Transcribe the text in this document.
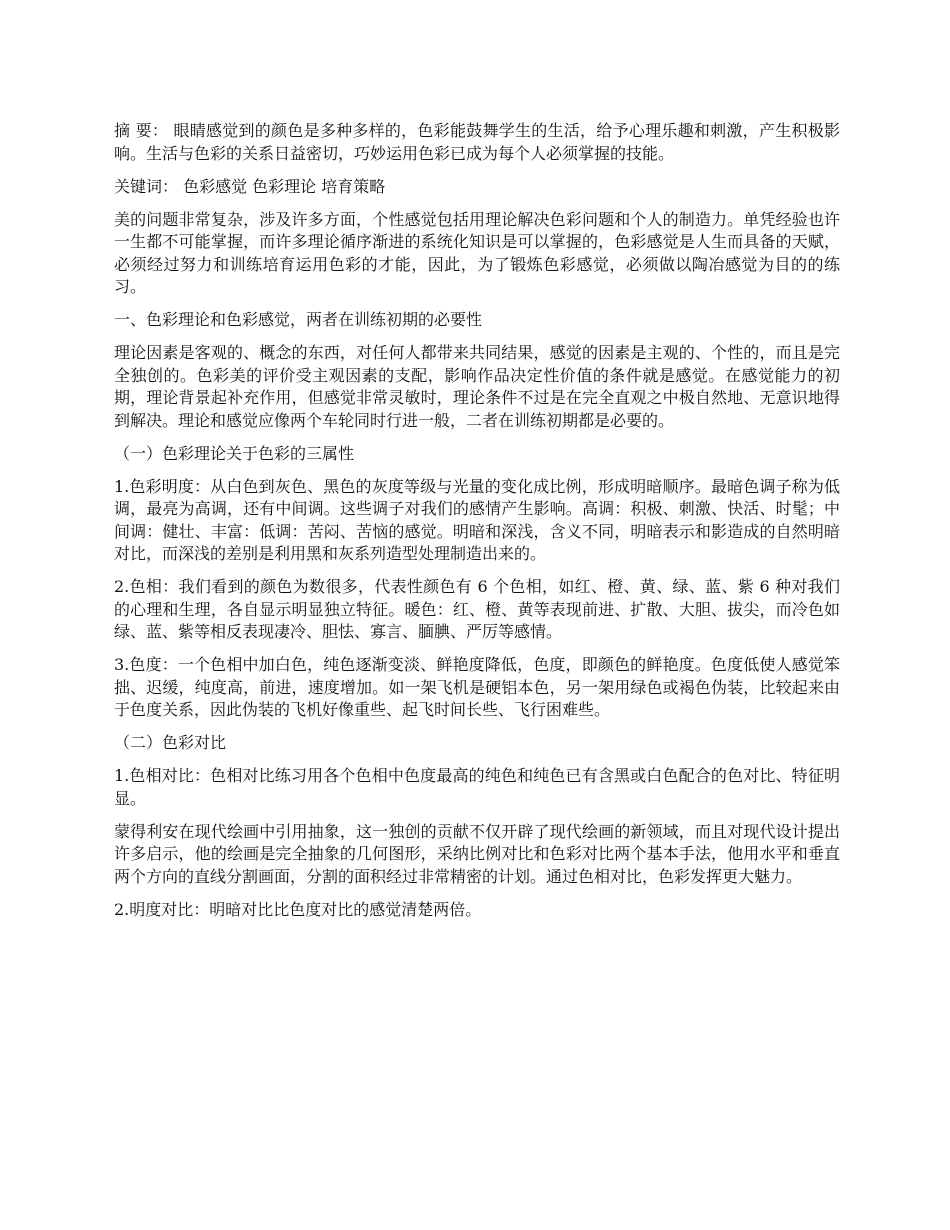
摘 要： 眼睛感觉到的颜色是多种多样的，色彩能鼓舞学生的生活，给予心理乐趣和刺激，产生积极影响。生活与色彩的关系日益密切，巧妙运用色彩已成为每个人必须掌握的技能。

关键词： 色彩感觉 色彩理论 培育策略

美的问题非常复杂，涉及许多方面，个性感觉包括用理论解决色彩问题和个人的制造力。单凭经验也许一生都不可能掌握，而许多理论循序渐进的系统化知识是可以掌握的，色彩感觉是人生而具备的天赋，必须经过努力和训练培育运用色彩的才能，因此，为了锻炼色彩感觉，必须做以陶冶感觉为目的的练习。

一、色彩理论和色彩感觉，两者在训练初期的必要性

理论因素是客观的、概念的东西，对任何人都带来共同结果，感觉的因素是主观的、个性的，而且是完全独创的。色彩美的评价受主观因素的支配，影响作品决定性价值的条件就是感觉。在感觉能力的初期，理论背景起补充作用，但感觉非常灵敏时，理论条件不过是在完全直观之中极自然地、无意识地得到解决。理论和感觉应像两个车轮同时行进一般，二者在训练初期都是必要的。

（一）色彩理论关于色彩的三属性

1.色彩明度：从白色到灰色、黑色的灰度等级与光量的变化成比例，形成明暗顺序。最暗色调子称为低调，最亮为高调，还有中间调。这些调子对我们的感情产生影响。高调：积极、刺激、快活、时髦；中间调：健壮、丰富：低调：苦闷、苦恼的感觉。明暗和深浅，含义不同，明暗表示和影造成的自然明暗对比，而深浅的差别是利用黑和灰系列造型处理制造出来的。

2.色相：我们看到的颜色为数很多，代表性颜色有 6 个色相，如红、橙、黄、绿、蓝、紫 6 种对我们的心理和生理，各自显示明显独立特征。暖色：红、橙、黄等表现前进、扩散、大胆、拔尖，而冷色如绿、蓝、紫等相反表现凄冷、胆怯、寡言、腼腆、严厉等感情。

3.色度：一个色相中加白色，纯色逐渐变淡、鲜艳度降低，色度，即颜色的鲜艳度。色度低使人感觉笨拙、迟缓，纯度高，前进，速度增加。如一架飞机是硬铝本色，另一架用绿色或褐色伪装，比较起来由于色度关系，因此伪装的飞机好像重些、起飞时间长些、飞行困难些。

（二）色彩对比

1.色相对比：色相对比练习用各个色相中色度最高的纯色和纯色已有含黑或白色配合的色对比、特征明显。

蒙得利安在现代绘画中引用抽象，这一独创的贡献不仅开辟了现代绘画的新领域，而且对现代设计提出许多启示，他的绘画是完全抽象的几何图形，采纳比例对比和色彩对比两个基本手法，他用水平和垂直两个方向的直线分割画面，分割的面积经过非常精密的计划。通过色相对比，色彩发挥更大魅力。

2.明度对比：明暗对比比色度对比的感觉清楚两倍。
